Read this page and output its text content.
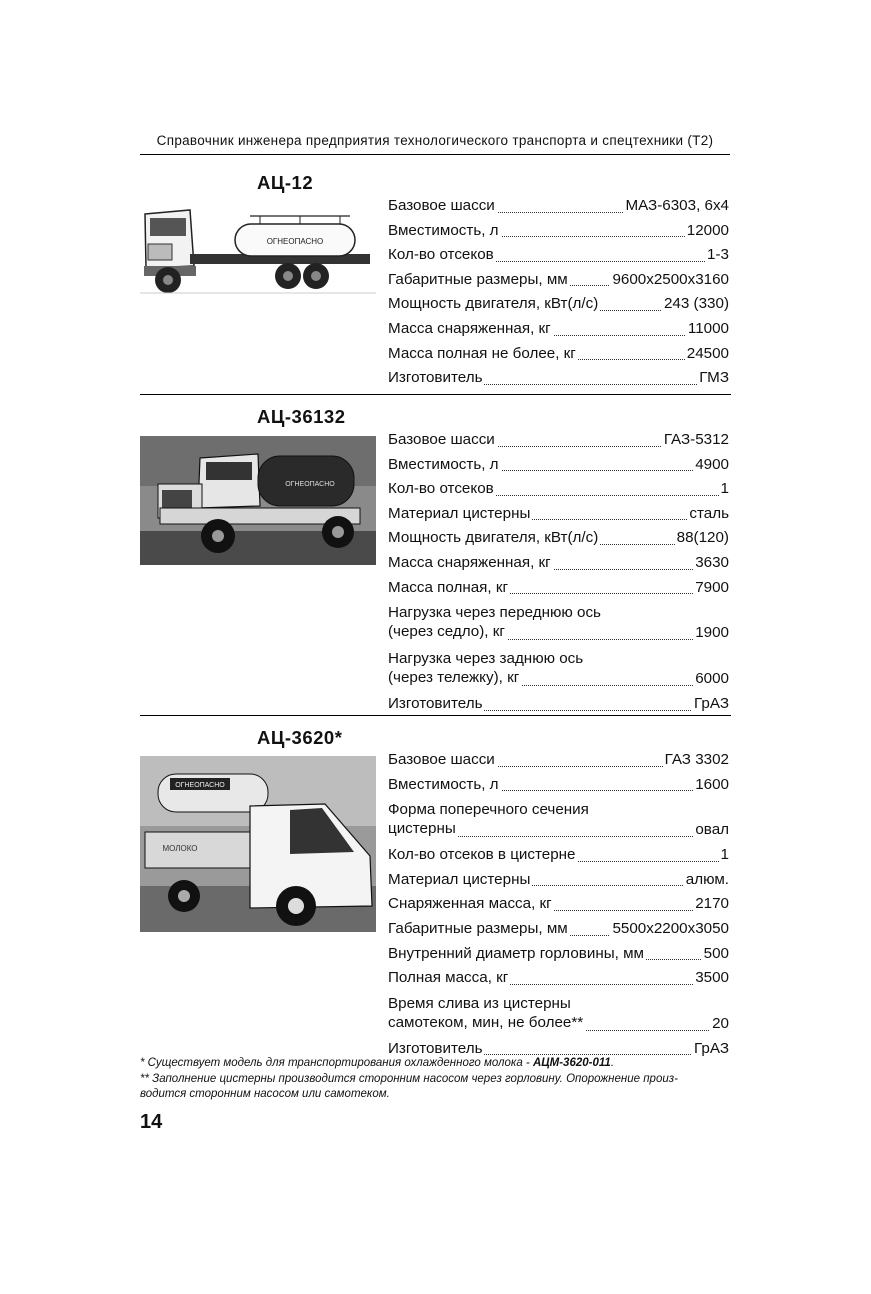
Справочник инженера предприятия технологического транспорта и спецтехники (Т2)
АЦ-12
ОГНЕОПАСНО
Базовое шасси	МАЗ-6303, 6x4
Вместимость, л	12000
Кол-во отсеков	1-3
Габаритные размеры, мм	9600x2500x3160
Мощность двигателя, кВт(л/с)	243 (330)
Масса снаряженная, кг	11000
Масса полная не более, кг	24500
Изготовитель	ГМЗ
АЦ-36132
ОГНЕОПАСНО
Базовое шасси	ГАЗ-5312
Вместимость, л	4900
Кол-во отсеков	1
Материал цистерны	сталь
Мощность двигателя, кВт(л/с)	88(120)
Масса снаряженная, кг	3630
Масса полная, кг	7900
Нагрузка через переднюю ось
(через седло), кг	1900
Нагрузка через заднюю ось
(через тележку), кг	6000
Изготовитель	ГрАЗ
АЦ-3620*
ОГНЕОПАСНО
МОЛОКО
Базовое шасси	ГАЗ 3302
Вместимость, л	1600
Форма поперечного сечения
цистерны	овал
Кол-во отсеков в цистерне	1
Материал цистерны	алюм.
Снаряженная масса, кг	2170
Габаритные размеры, мм	5500x2200x3050
Внутренний диаметр горловины, мм	500
Полная масса, кг	3500
Время слива из цистерны
самотеком, мин, не более**	20
Изготовитель	ГрАЗ
* Существует модель для транспортирования охлажденного молока - АЦМ-3620-011.
** Заполнение цистерны производится сторонним насосом через горловину. Опорожнение произ-
водится сторонним насосом или самотеком.
14
